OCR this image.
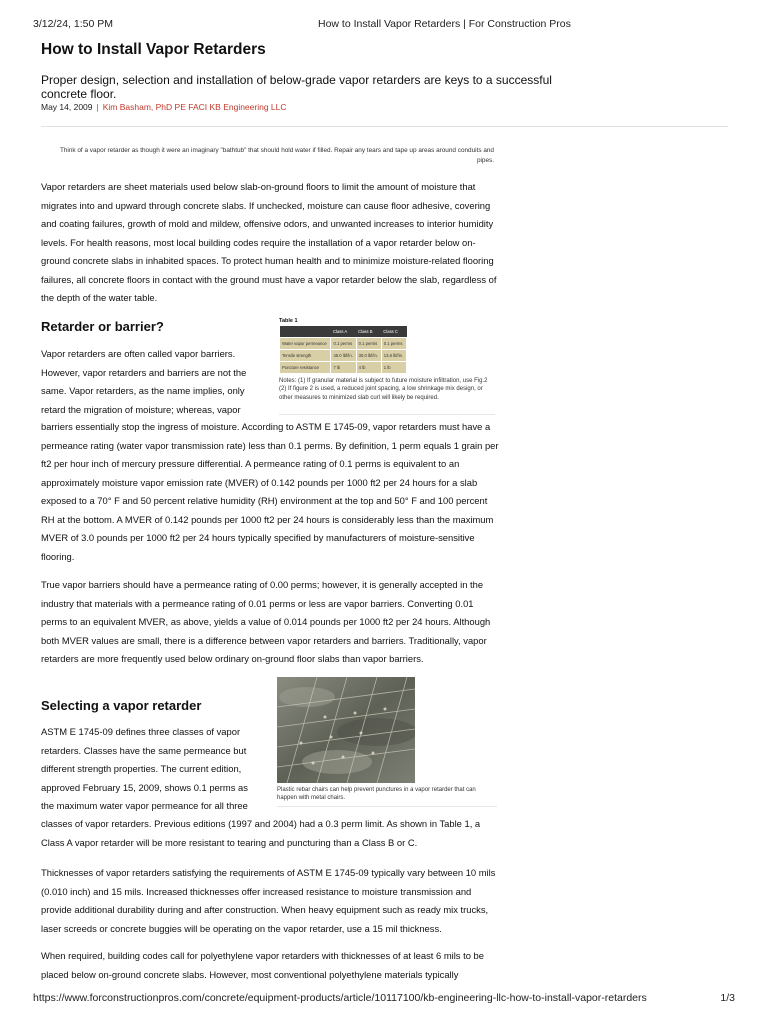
3/12/24, 1:50 PM	How to Install Vapor Retarders | For Construction Pros
How to Install Vapor Retarders
Proper design, selection and installation of below-grade vapor retarders are keys to a successful concrete floor.
May 14, 2009 | Kim Basham, PhD PE FACI KB Engineering LLC
Think of a vapor retarder as though it were an imaginary "bathtub" that should hold water if filled. Repair any tears and tape up areas around conduits and pipes.
Vapor retarders are sheet materials used below slab-on-ground floors to limit the amount of moisture that migrates into and upward through concrete slabs. If unchecked, moisture can cause floor adhesive, covering and coating failures, growth of mold and mildew, offensive odors, and unwanted increases to interior humidity levels. For health reasons, most local building codes require the installation of a vapor retarder below on-ground concrete slabs in inhabited spaces. To protect human health and to minimize moisture-related flooring failures, all concrete floors in contact with the ground must have a vapor retarder below the slab, regardless of the depth of the water table.
Retarder or barrier?	Table 1
	Class A	Class B	Class C
Water vapor permeance	0.1 perms	0.1 perms	0.1 perms
Tensile strength	45.0 lbf/in.	30.0 lbf/in.	13.6 lbf/in.
Puncture resistance	7 lb	4 lb	1 lb
Notes: (1) If granular material is subject to future moisture infiltration, use Fig.2 (2) If figure 2 is used, a reduced joint spacing, a low shrinkage mix design, or other measures to minimized slab curl will likely be required.
Vapor retarders are often called vapor barriers. However, vapor retarders and barriers are not the same. Vapor retarders, as the name implies, only retard the migration of moisture; whereas, vapor
barriers essentially stop the ingress of moisture. According to ASTM E 1745-09, vapor retarders must have a permeance rating (water vapor transmission rate) less than 0.1 perms. By definition, 1 perm equals 1 grain per ft2 per hour inch of mercury pressure differential. A permeance rating of 0.1 perms is equivalent to an approximately moisture vapor emission rate (MVER) of 0.142 pounds per 1000 ft2 per 24 hours for a slab exposed to a 70° F and 50 percent relative humidity (RH) environment at the top and 50° F and 100 percent RH at the bottom. A MVER of 0.142 pounds per 1000 ft2 per 24 hours is considerably less than the maximum MVER of 3.0 pounds per 1000 ft2 per 24 hours typically specified by manufacturers of moisture-sensitive flooring.
True vapor barriers should have a permeance rating of 0.00 perms; however, it is generally accepted in the industry that materials with a permeance rating of 0.01 perms or less are vapor barriers. Converting 0.01 perms to an equivalent MVER, as above, yields a value of 0.014 pounds per 1000 ft2 per 24 hours. Although both MVER values are small, there is a difference between vapor retarders and barriers. Traditionally, vapor retarders are more frequently used below ordinary on-ground floor slabs than vapor barriers.
Selecting a vapor retarder
Plastic rebar chairs can help prevent punctures in a vapor retarder that can happen with metal chairs.
ASTM E 1745-09 defines three classes of vapor retarders. Classes have the same permeance but different strength properties. The current edition, approved February 15, 2009, shows 0.1 perms as the maximum water vapor permeance for all three
classes of vapor retarders. Previous editions (1997 and 2004) had a 0.3 perm limit. As shown in Table 1, a Class A vapor retarder will be more resistant to tearing and puncturing than a Class B or C.
Thicknesses of vapor retarders satisfying the requirements of ASTM E 1745-09 typically vary between 10 mils (0.010 inch) and 15 mils. Increased thicknesses offer increased resistance to moisture transmission and provide additional durability during and after construction. When heavy equipment such as ready mix trucks, laser screeds or concrete buggies will be operating on the vapor retarder, use a 15 mil thickness.
When required, building codes call for polyethylene vapor retarders with thicknesses of at least 6 mils to be placed below on-ground concrete slabs. However, most conventional polyethylene materials typically
https://www.forconstructionpros.com/concrete/equipment-products/article/10117100/kb-engineering-llc-how-to-install-vapor-retarders	1/3
